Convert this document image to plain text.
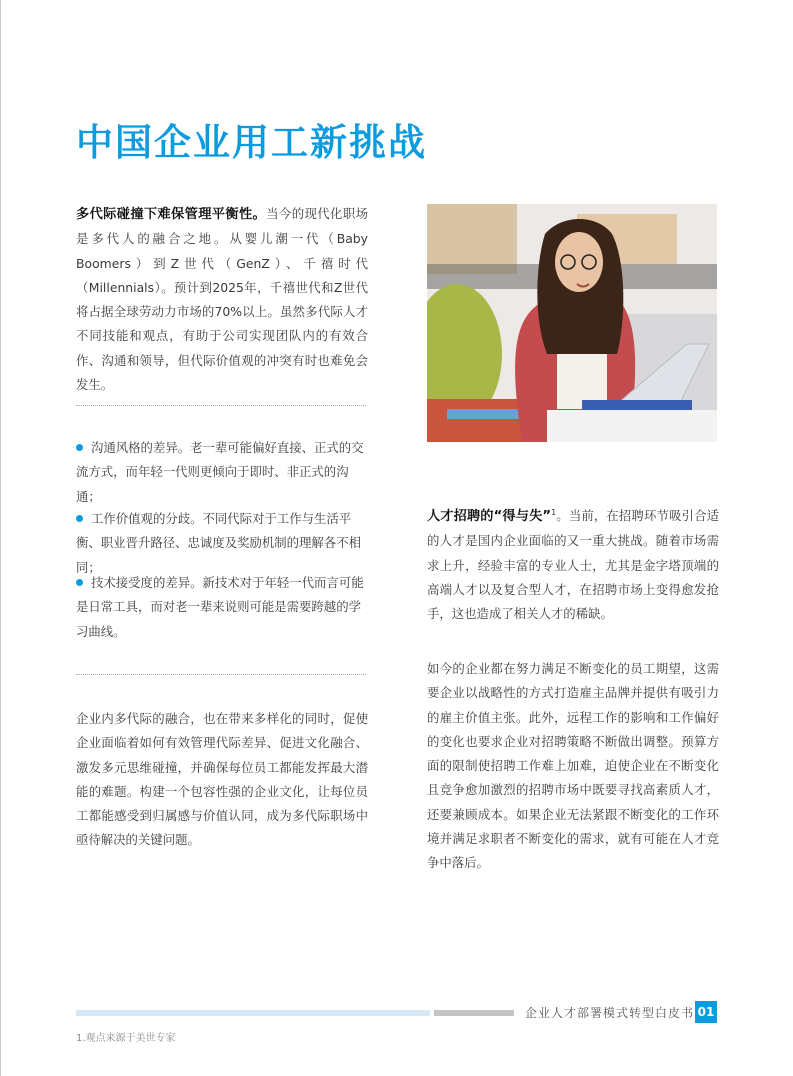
中国企业用工新挑战

多代际碰撞下难保管理平衡性。当今的现代化职场是多代人的融合之地。从婴儿潮一代（Baby Boomers）到Z世代（GenZ）、千禧时代（Millennials）。预计到2025年，千禧世代和Z世代将占据全球劳动力市场的70%以上。虽然多代际人才不同技能和观点，有助于公司实现团队内的有效合作、沟通和领导，但代际价值观的冲突有时也难免会发生。

沟通风格的差异。老一辈可能偏好直接、正式的交流方式，而年轻一代则更倾向于即时、非正式的沟通；

工作价值观的分歧。不同代际对于工作与生活平衡、职业晋升路径、忠诚度及奖励机制的理解各不相同；

技术接受度的差异。新技术对于年轻一代而言可能是日常工具，而对老一辈来说则可能是需要跨越的学习曲线。

企业内多代际的融合，也在带来多样化的同时，促使企业面临着如何有效管理代际差异、促进文化融合、激发多元思维碰撞，并确保每位员工都能发挥最大潜能的难题。构建一个包容性强的企业文化，让每位员工都能感受到归属感与价值认同，成为多代际职场中亟待解决的关键问题。

人才招聘的“得与失”$^1$。当前，在招聘环节吸引合适的人才是国内企业面临的又一重大挑战。随着市场需求上升，经验丰富的专业人士，尤其是金字塔顶端的高端人才以及复合型人才，在招聘市场上变得愈发抢手，这也造成了相关人才的稀缺。

如今的企业都在努力满足不断变化的员工期望，这需要企业以战略性的方式打造雇主品牌并提供有吸引力的雇主价值主张。此外，远程工作的影响和工作偏好的变化也要求企业对招聘策略不断做出调整。预算方面的限制使招聘工作难上加难，迫使企业在不断变化且竞争愈加激烈的招聘市场中既要寻找高素质人才，还要兼顾成本。如果企业无法紧跟不断变化的工作环境并满足求职者不断变化的需求，就有可能在人才竞争中落后。

企业人才部署模式转型白皮书 01
1.观点来源于美世专家
